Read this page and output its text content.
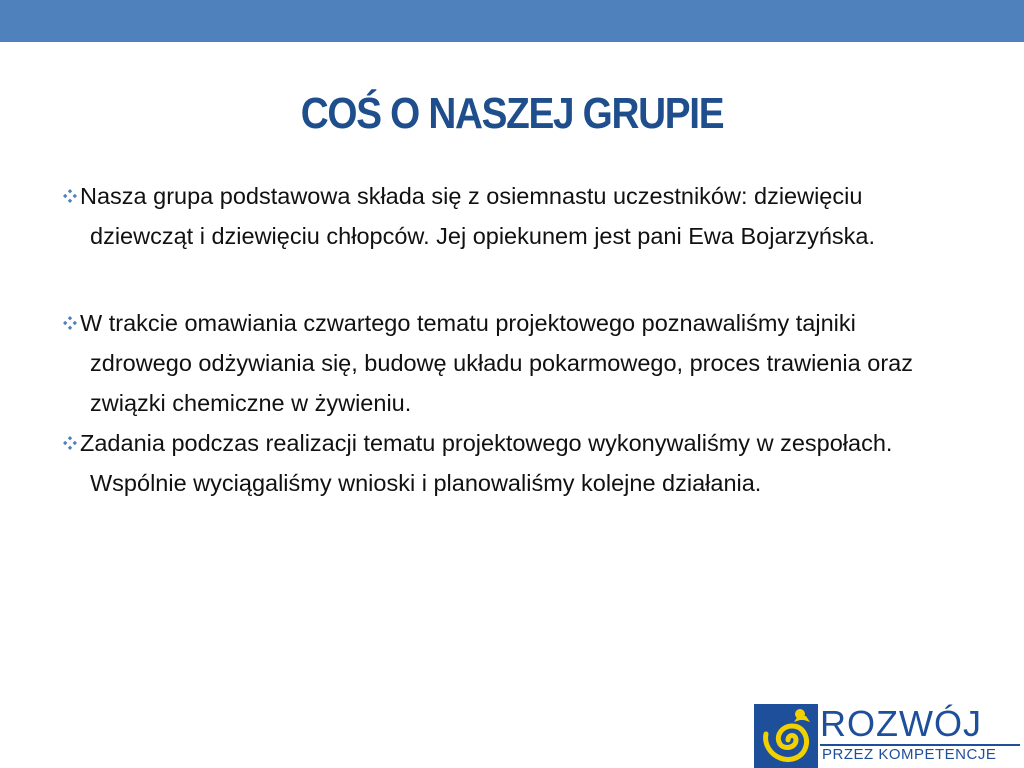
COŚ O NASZEJ GRUPIE
Nasza grupa podstawowa składa się z osiemnastu uczestników: dziewięciu dziewcząt i dziewięciu chłopców. Jej opiekunem jest pani Ewa Bojarzyńska.
W trakcie omawiania czwartego tematu projektowego poznawaliśmy tajniki zdrowego odżywiania się, budowę układu pokarmowego, proces trawienia oraz związki chemiczne w żywieniu.
Zadania podczas realizacji tematu projektowego wykonywaliśmy w zespołach. Wspólnie wyciągaliśmy wnioski i planowaliśmy kolejne działania.
ROZWÓJ
PRZEZ KOMPETENCJE
